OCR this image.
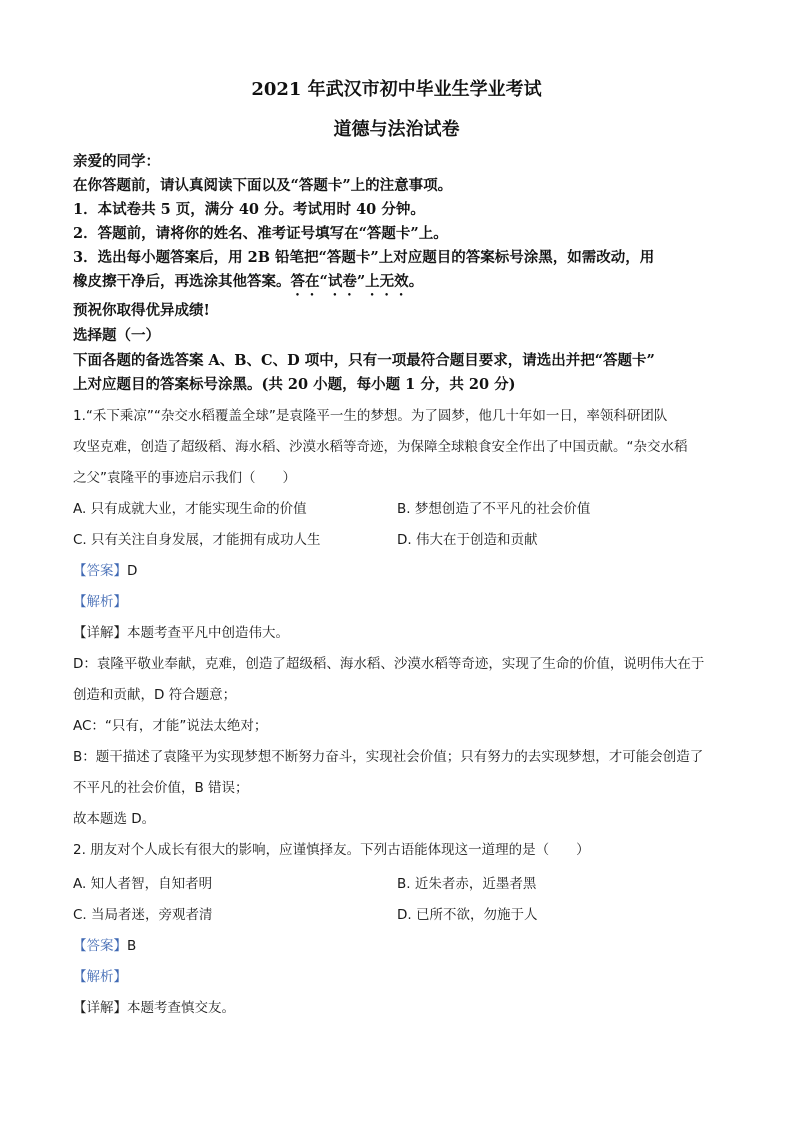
2021 年武汉市初中毕业生学业考试
道德与法治试卷
亲爱的同学：
在你答题前，请认真阅读下面以及“答题卡”上的注意事项。
1．本试卷共 5 页，满分 40 分。考试用时 40 分钟。
2．答题前，请将你的姓名、准考证号填写在“答题卡”上。
3．选出每小题答案后，用 2B 铅笔把“答题卡”上对应题目的答案标号涂黑，如需改动，用
橡皮擦干净后，再选涂其他答案。答在“试卷”上无效。
预祝你取得优异成绩!
选择题（一）
下面各题的备选答案 A、B、C、D 项中，只有一项最符合题目要求，请选出并把“答题卡”
上对应题目的答案标号涂黑。(共 20 小题，每小题 1 分，共 20 分)
1.“禾下乘凉”“杂交水稻覆盖全球”是袁隆平一生的梦想。为了圆梦，他几十年如一日，率领科研团队
攻坚克难，创造了超级稻、海水稻、沙漠水稻等奇迹，为保障全球粮食安全作出了中国贡献。“杂交水稻
之父”袁隆平的事迹启示我们（　　）
A. 只有成就大业，才能实现生命的价值	B. 梦想创造了不平凡的社会价值
C. 只有关注自身发展，才能拥有成功人生	D. 伟大在于创造和贡献
【答案】D
【解析】
【详解】本题考查平凡中创造伟大。
D：袁隆平敬业奉献，克难，创造了超级稻、海水稻、沙漠水稻等奇迹，实现了生命的价值，说明伟大在于
创造和贡献，D 符合题意；
AC：“只有，才能”说法太绝对；
B：题干描述了袁隆平为实现梦想不断努力奋斗，实现社会价值；只有努力的去实现梦想，才可能会创造了
不平凡的社会价值，B 错误；
故本题选 D。
2. 朋友对个人成长有很大的影响，应谨慎择友。下列古语能体现这一道理的是（　　）
A. 知人者智，自知者明	B. 近朱者赤，近墨者黑
C. 当局者迷，旁观者清	D. 已所不欲，勿施于人
【答案】B
【解析】
【详解】本题考查慎交友。
